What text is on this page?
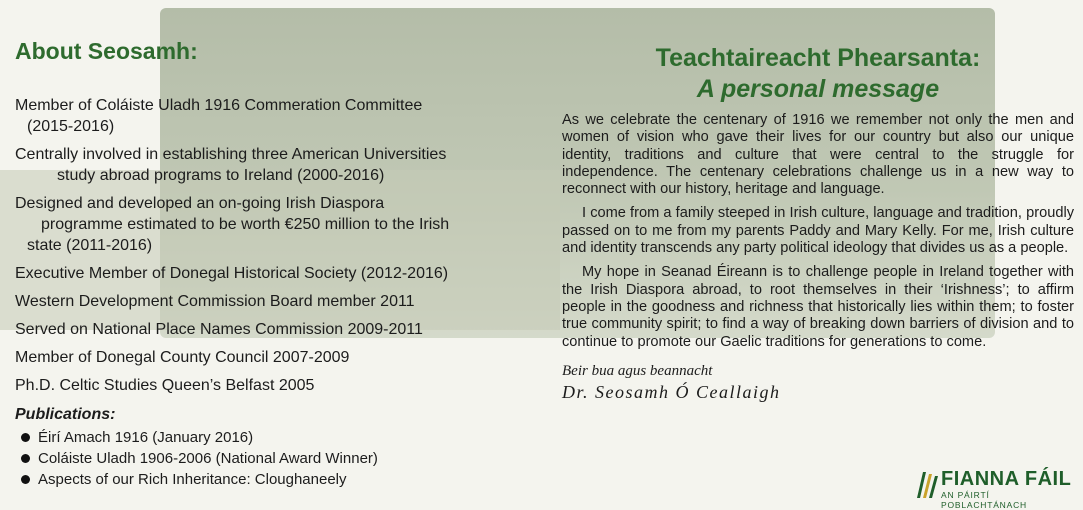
About Seosamh:
Member of Coláiste Uladh 1916 Commeration Committee
(2015-2016)
Centrally involved in establishing three American Universities
study abroad programs to Ireland (2000-2016)
Designed and developed an on-going Irish Diaspora
programme estimated to be worth €250 million to the Irish
state (2011-2016)
Executive Member of Donegal Historical Society (2012-2016)
Western Development Commission Board member 2011
Served on National Place Names Commission 2009-2011
Member of Donegal County Council 2007-2009
Ph.D. Celtic Studies Queen’s Belfast 2005
Publications:
Éirí Amach 1916 (January 2016)
Coláiste Uladh 1906-2006 (National Award Winner)
Aspects of our Rich Inheritance: Cloughaneely
Teachtaireacht Phearsanta:
A personal message

As we celebrate the centenary of 1916 we remember not only the men and women of vision who gave their lives for our country but also our unique identity, traditions and culture that were central to the struggle for independence. The centenary celebrations challenge us in a new way to reconnect with our history, heritage and language.

I come from a family steeped in Irish culture, language and tradition, proudly passed on to me from my parents Paddy and Mary Kelly. For me, Irish culture and identity transcends any party political ideology that divides us as a people.

My hope in Seanad Éireann is to challenge people in Ireland together with the Irish Diaspora abroad, to root themselves in their ‘Irishness’; to affirm people in the goodness and richness that historically lies within them; to foster true community spirit; to find a way of breaking down barriers of division and to continue to promote our Gaelic traditions for generations to come.

Beir bua agus beannacht
Dr. Seosamh Ó Ceallaigh
FIANNA FÁIL
AN PÁIRTÍ POBLACHTÁNACH
